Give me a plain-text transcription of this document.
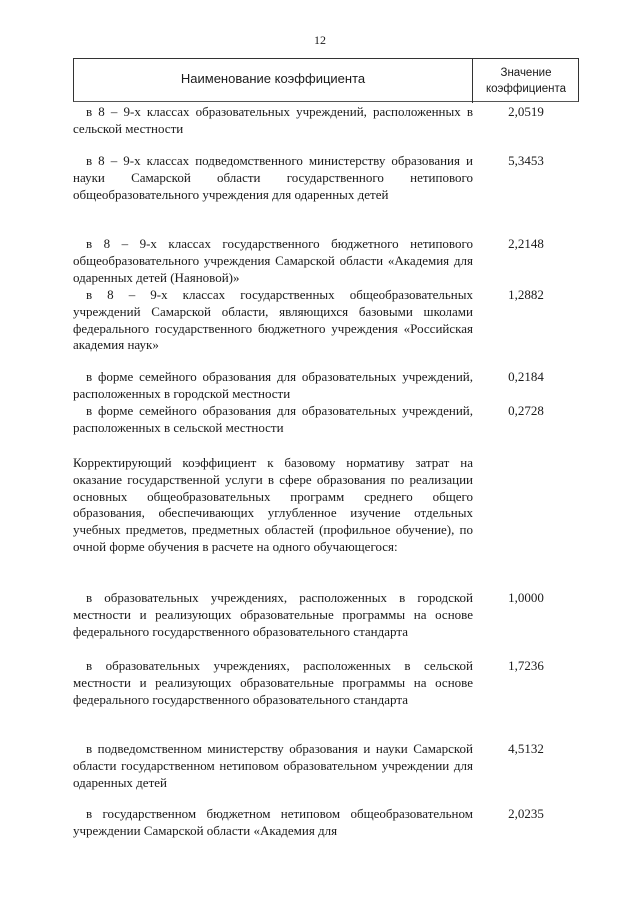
12
Наименование коэффициента	Значение
коэффициента
в 8 – 9-х классах образовательных учреждений, расположенных в сельской местности
2,0519
в 8 – 9-х классах подведомственного министерству образования и науки Самарской области государственного нетипового общеобразовательного учреждения для одаренных детей
5,3453
в 8 – 9-х классах государственного бюджетного нетипового общеобразовательного учреждения Самарской области «Академия для одаренных детей (Наяновой)»
2,2148
в 8 – 9-х классах государственных общеобразовательных учреждений Самарской области, являющихся базовыми школами федерального государственного бюджетного учреждения «Российская академия наук»
1,2882
в форме семейного образования для образовательных учреждений, расположенных в городской местности
0,2184
в форме семейного образования для образовательных учреждений, расположенных в сельской местности
0,2728
Корректирующий коэффициент к базовому нормативу затрат на оказание государственной услуги в сфере образования по реализации основных общеобразовательных программ среднего общего образования, обеспечивающих углубленное изучение отдельных учебных предметов, предметных областей (профильное обучение), по очной форме обучения в расчете на одного обучающегося:
в образовательных учреждениях, расположенных в городской местности и реализующих образовательные программы на основе федерального государственного образовательного стандарта
1,0000
в образовательных учреждениях, расположенных в сельской местности и реализующих образовательные программы на основе федерального государственного образовательного стандарта
1,7236
в подведомственном министерству образования и науки Самарской области государственном нетиповом образовательном учреждении для одаренных детей
4,5132
в государственном бюджетном нетиповом общеобразовательном учреждении Самарской области «Академия для
2,0235
